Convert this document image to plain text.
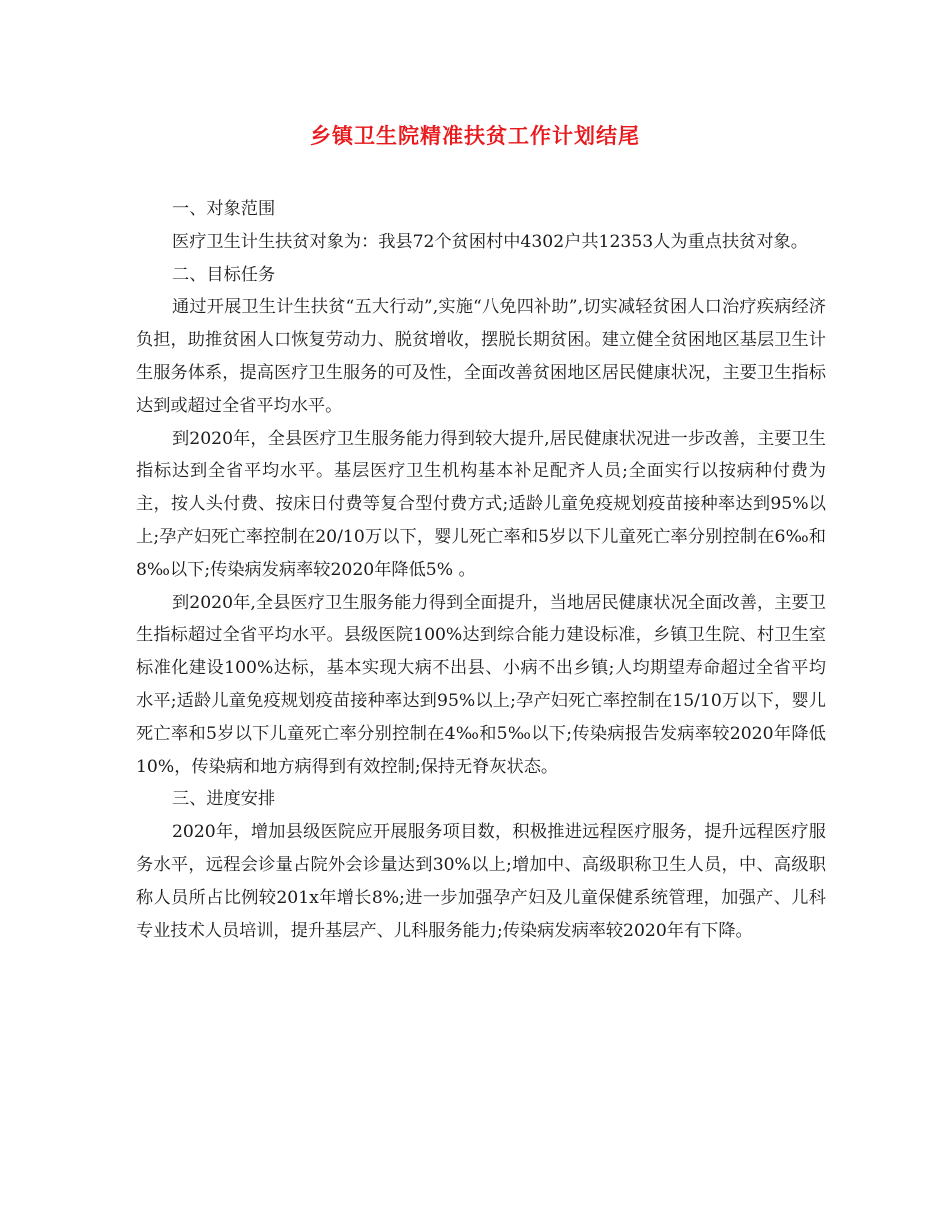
乡镇卫生院精准扶贫工作计划结尾

一、对象范围

医疗卫生计生扶贫对象为：我县72个贫困村中4302户共12353人为重点扶贫对象。

二、目标任务

通过开展卫生计生扶贫“五大行动”,实施“八免四补助”,切实减轻贫困人口治疗疾病经济负担，助推贫困人口恢复劳动力、脱贫增收，摆脱长期贫困。建立健全贫困地区基层卫生计生服务体系，提高医疗卫生服务的可及性，全面改善贫困地区居民健康状况，主要卫生指标达到或超过全省平均水平。

到2020年，全县医疗卫生服务能力得到较大提升,居民健康状况进一步改善，主要卫生指标达到全省平均水平。基层医疗卫生机构基本补足配齐人员;全面实行以按病种付费为主，按人头付费、按床日付费等复合型付费方式;适龄儿童免疫规划疫苗接种率达到95%以上;孕产妇死亡率控制在20/10万以下，婴儿死亡率和5岁以下儿童死亡率分别控制在6‰和8‰以下;传染病发病率较2020年降低5% 。

到2020年,全县医疗卫生服务能力得到全面提升，当地居民健康状况全面改善，主要卫生指标超过全省平均水平。县级医院100%达到综合能力建设标准，乡镇卫生院、村卫生室标准化建设100%达标，基本实现大病不出县、小病不出乡镇;人均期望寿命超过全省平均水平;适龄儿童免疫规划疫苗接种率达到95%以上;孕产妇死亡率控制在15/10万以下，婴儿死亡率和5岁以下儿童死亡率分别控制在4‰和5‰以下;传染病报告发病率较2020年降低10%，传染病和地方病得到有效控制;保持无脊灰状态。

三、进度安排

2020年，增加县级医院应开展服务项目数，积极推进远程医疗服务，提升远程医疗服务水平，远程会诊量占院外会诊量达到30%以上;增加中、高级职称卫生人员，中、高级职称人员所占比例较201x年增长8%;进一步加强孕产妇及儿童保健系统管理，加强产、儿科专业技术人员培训，提升基层产、儿科服务能力;传染病发病率较2020年有下降。
